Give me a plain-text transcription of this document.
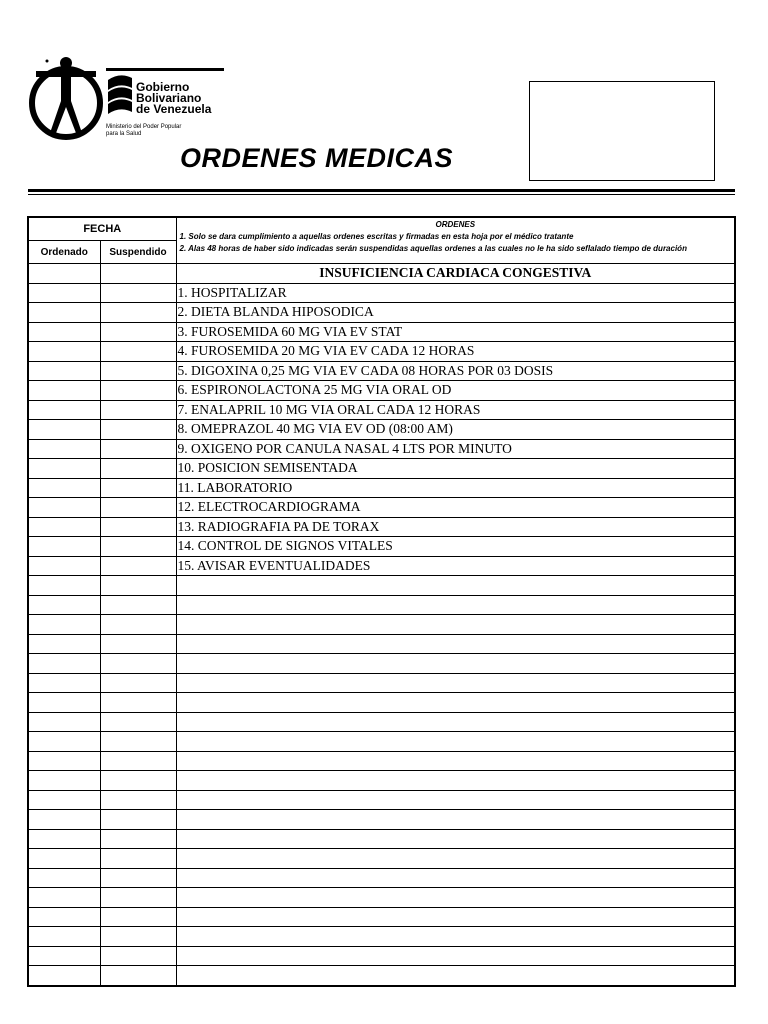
Gobierno
Bolivariano
de Venezuela
Ministerio del Poder Popular
para la Salud
ORDENES MEDICAS
FECHA		ORDENES
1. Solo se dara cumplimiento a aquellas ordenes escritas y firmadas en esta hoja por el médico tratante
2. Alas 48 horas de haber sido indicadas serán suspendidas aquellas ordenes a las cuales no le ha sido seflalado tiempo de duración

Ordenado	Suspendido	
		INSUFICIENCIA CARDIACA CONGESTIVA
		1. HOSPITALIZAR
		2. DIETA BLANDA HIPOSODICA
		3. FUROSEMIDA 60 MG VIA EV STAT
		4. FUROSEMIDA 20 MG VIA EV CADA 12 HORAS
		5. DIGOXINA 0,25 MG VIA EV CADA 08 HORAS POR 03 DOSIS
		6. ESPIRONOLACTONA 25 MG VIA ORAL OD
		7. ENALAPRIL 10 MG VIA ORAL CADA 12 HORAS
		8. OMEPRAZOL 40 MG VIA EV OD (08:00 AM)
		9. OXIGENO POR CANULA NASAL 4 LTS POR MINUTO
		10. POSICION SEMISENTADA
		11. LABORATORIO
		12. ELECTROCARDIOGRAMA
		13. RADIOGRAFIA PA DE TORAX
		14. CONTROL DE SIGNOS VITALES
		15. AVISAR EVENTUALIDADES
